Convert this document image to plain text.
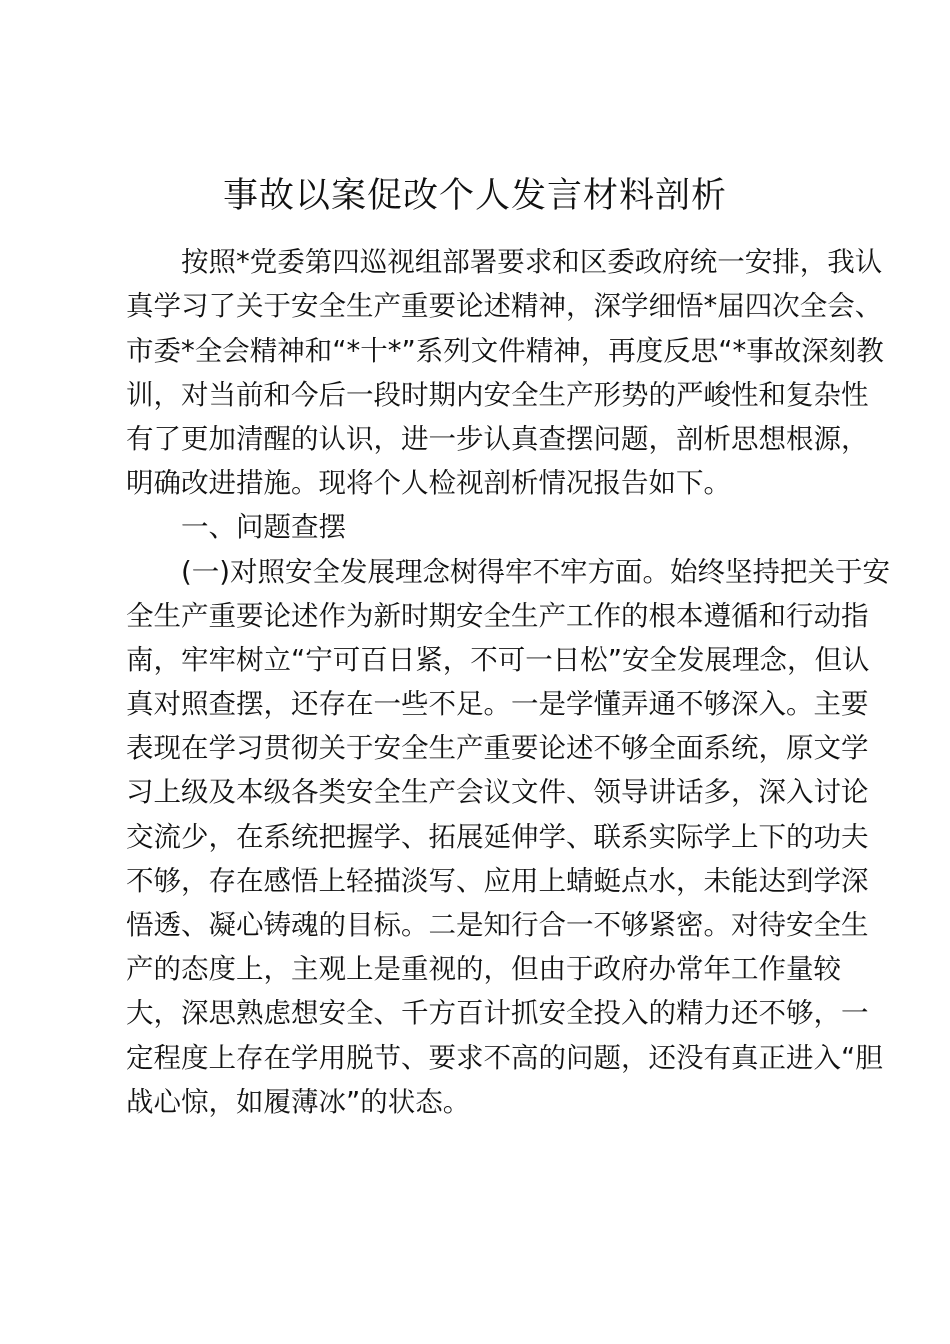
事故以案促改个人发言材料剖析
　　按照*党委第四巡视组部署要求和区委政府统一安排，我认
真学习了关于安全生产重要论述精神，深学细悟*届四次全会、
市委*全会精神和“*十*”系列文件精神，再度反思“*事故深刻教
训，对当前和今后一段时期内安全生产形势的严峻性和复杂性
有了更加清醒的认识，进一步认真查摆问题，剖析思想根源，
明确改进措施。现将个人检视剖析情况报告如下。
　　一、问题查摆
　　(一)对照安全发展理念树得牢不牢方面。始终坚持把关于安
全生产重要论述作为新时期安全生产工作的根本遵循和行动指
南，牢牢树立“宁可百日紧，不可一日松”安全发展理念，但认
真对照查摆，还存在一些不足。一是学懂弄通不够深入。主要
表现在学习贯彻关于安全生产重要论述不够全面系统，原文学
习上级及本级各类安全生产会议文件、领导讲话多，深入讨论
交流少，在系统把握学、拓展延伸学、联系实际学上下的功夫
不够，存在感悟上轻描淡写、应用上蜻蜓点水，未能达到学深
悟透、凝心铸魂的目标。二是知行合一不够紧密。对待安全生
产的态度上，主观上是重视的，但由于政府办常年工作量较
大，深思熟虑想安全、千方百计抓安全投入的精力还不够，一
定程度上存在学用脱节、要求不高的问题，还没有真正进入“胆
战心惊，如履薄冰”的状态。
